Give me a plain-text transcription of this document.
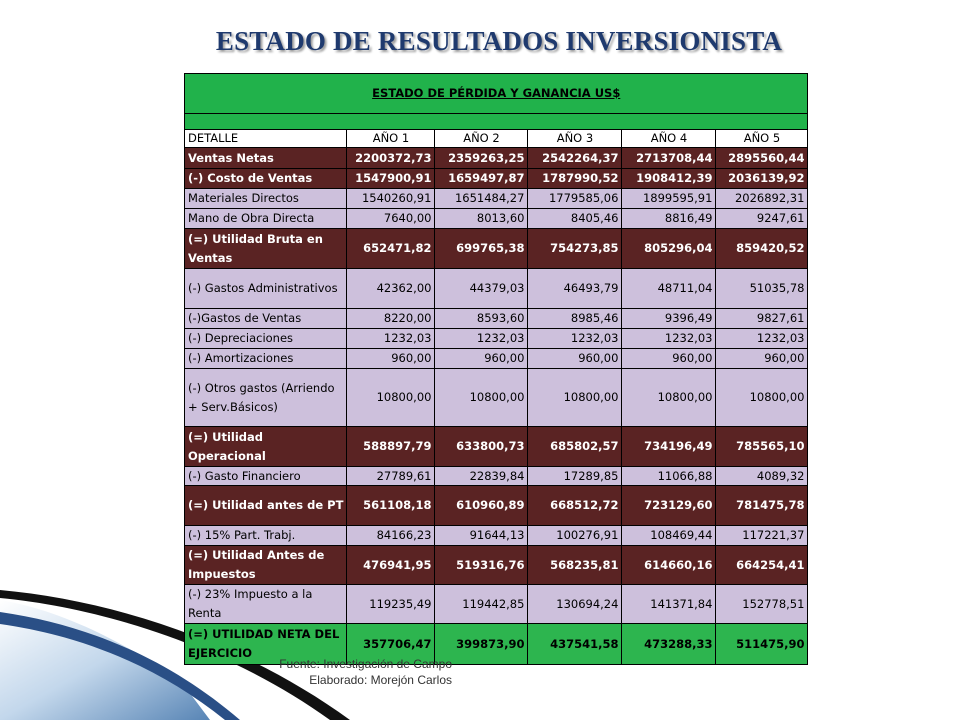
ESTADO DE RESULTADOS INVERSIONISTA
ESTADO DE PÉRDIDA Y GANANCIA US$					

DETALLE	AÑO 1	AÑO 2	AÑO 3	AÑO 4	AÑO 5
Ventas Netas	2200372,73	2359263,25	2542264,37	2713708,44	2895560,44
(-) Costo de Ventas	1547900,91	1659497,87	1787990,52	1908412,39	2036139,92
Materiales Directos	1540260,91	1651484,27	1779585,06	1899595,91	2026892,31
Mano de Obra Directa	7640,00	8013,60	8405,46	8816,49	9247,61
(=) Utilidad Bruta en Ventas	652471,82	699765,38	754273,85	805296,04	859420,52
(-) Gastos Administrativos	42362,00	44379,03	46493,79	48711,04	51035,78
(-)Gastos de Ventas	8220,00	8593,60	8985,46	9396,49	9827,61
(-) Depreciaciones	1232,03	1232,03	1232,03	1232,03	1232,03
(-) Amortizaciones	960,00	960,00	960,00	960,00	960,00
(-) Otros gastos (Arriendo + Serv.Básicos)	10800,00	10800,00	10800,00	10800,00	10800,00
(=) Utilidad Operacional	588897,79	633800,73	685802,57	734196,49	785565,10
(-) Gasto Financiero	27789,61	22839,84	17289,85	11066,88	4089,32
(=) Utilidad antes de PT	561108,18	610960,89	668512,72	723129,60	781475,78
(-) 15% Part. Trabj.	84166,23	91644,13	100276,91	108469,44	117221,37
(=) Utilidad Antes de Impuestos	476941,95	519316,76	568235,81	614660,16	664254,41
(-) 23% Impuesto a la Renta	119235,49	119442,85	130694,24	141371,84	152778,51
(=) UTILIDAD NETA DEL EJERCICIO	357706,47	399873,90	437541,58	473288,33	511475,90
Fuente: Investigación de Campo
Elaborado: Morejón Carlos
